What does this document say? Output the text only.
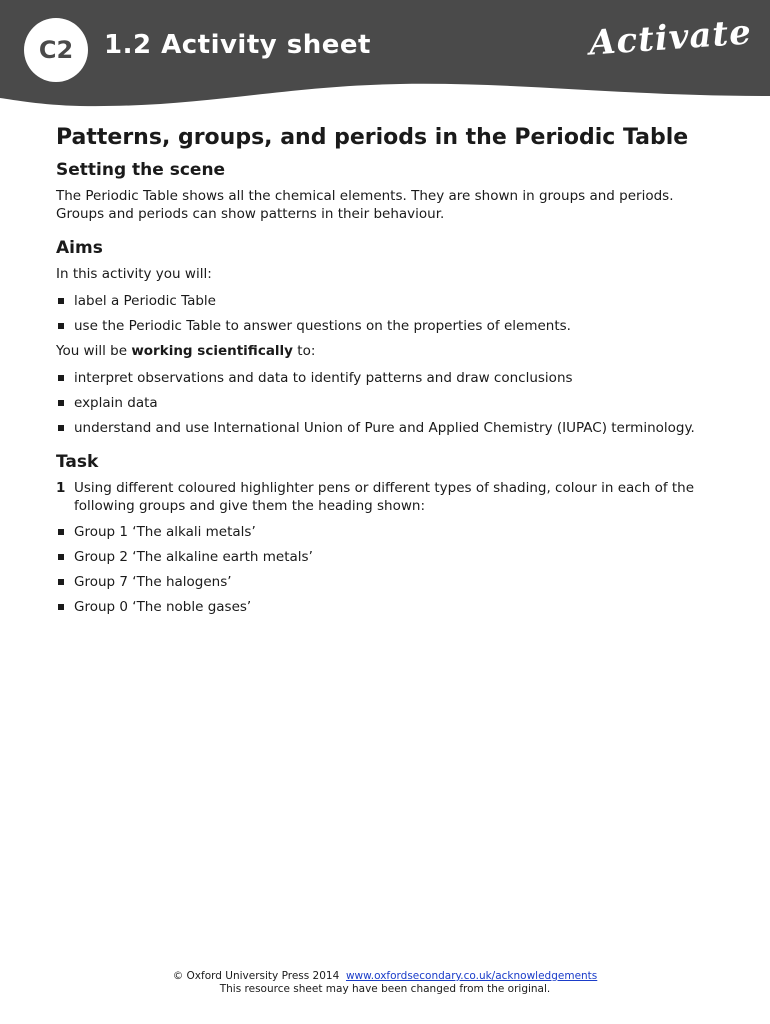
C2	1.2 Activity sheet	Activate
Patterns, groups, and periods in the Periodic Table
Setting the scene

The Periodic Table shows all the chemical elements. They are shown in groups and periods. Groups and periods can show patterns in their behaviour.

Aims

In this activity you will:

label a Periodic Table
use the Periodic Table to answer questions on the properties of elements.

You will be working scientifically to:

interpret observations and data to identify patterns and draw conclusions
explain data
understand and use International Union of Pure and Applied Chemistry (IUPAC) terminology.
Task
1 Using different coloured highlighter pens or different types of shading, colour in each of the following groups and give them the heading shown:
Group 1 ‘The alkali metals’
Group 2 ‘The alkaline earth metals’
Group 7 ‘The halogens’
Group 0 ‘The noble gases’
© Oxford University Press 2014 www.oxfordsecondary.co.uk/acknowledgements
This resource sheet may have been changed from the original.
